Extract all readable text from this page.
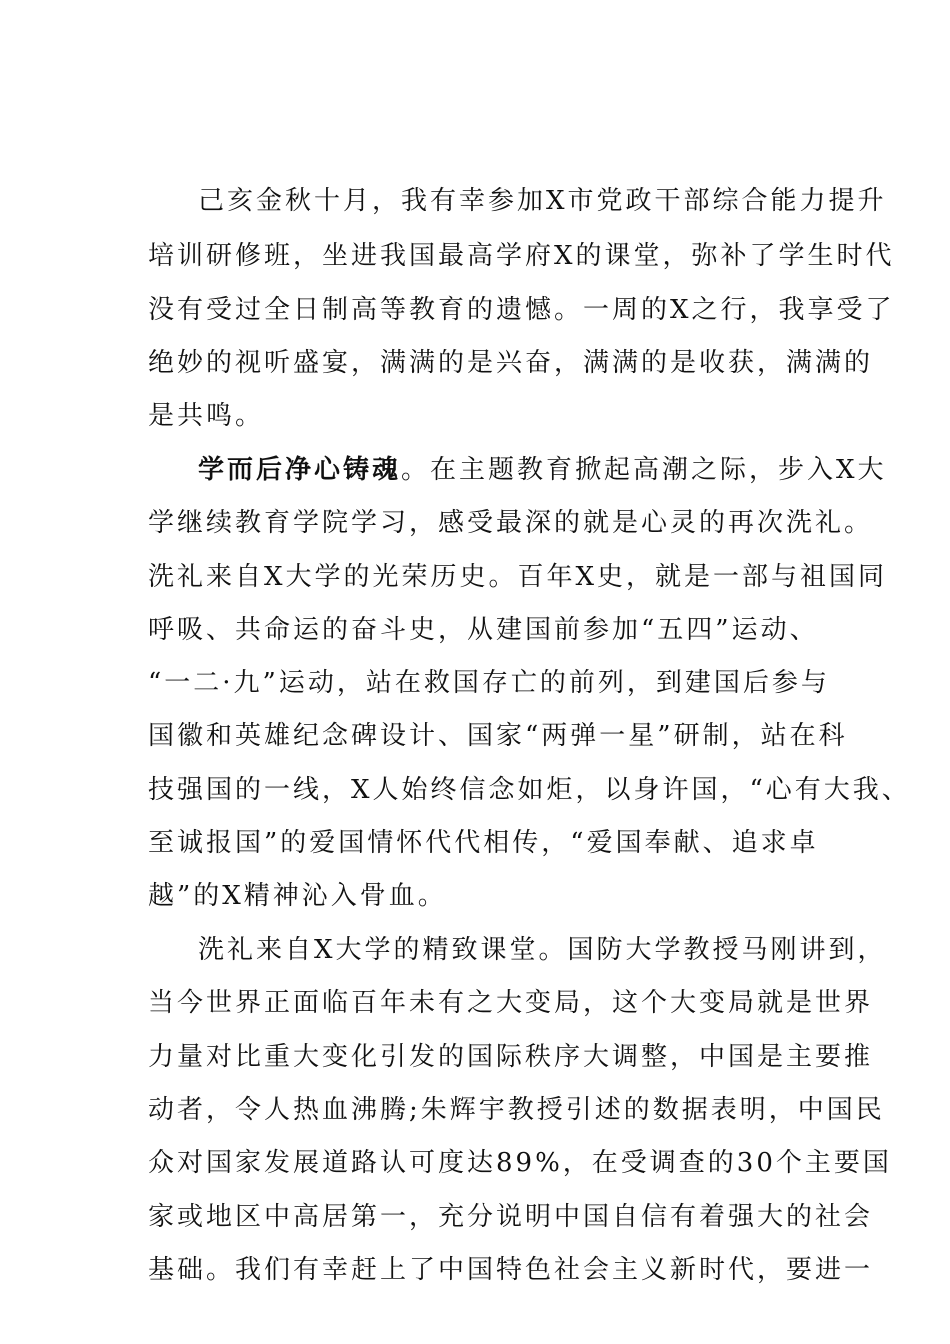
己亥金秋十月，我有幸参加X市党政干部综合能力提升
培训研修班，坐进我国最高学府X的课堂，弥补了学生时代
没有受过全日制高等教育的遗憾。一周的X之行，我享受了
绝妙的视听盛宴，满满的是兴奋，满满的是收获，满满的
是共鸣。
学而后净心铸魂。在主题教育掀起高潮之际，步入X大
学继续教育学院学习，感受最深的就是心灵的再次洗礼。
洗礼来自X大学的光荣历史。百年X史，就是一部与祖国同
呼吸、共命运的奋斗史，从建国前参加“五四”运动、
“一二·九”运动，站在救国存亡的前列，到建国后参与
国徽和英雄纪念碑设计、国家“两弹一星”研制，站在科
技强国的一线，X人始终信念如炬，以身许国，“心有大我、
至诚报国”的爱国情怀代代相传，“爱国奉献、追求卓
越”的X精神沁入骨血。
洗礼来自X大学的精致课堂。国防大学教授马刚讲到，
当今世界正面临百年未有之大变局，这个大变局就是世界
力量对比重大变化引发的国际秩序大调整，中国是主要推
动者，令人热血沸腾;朱辉宇教授引述的数据表明，中国民
众对国家发展道路认可度达89%，在受调查的30个主要国
家或地区中高居第一，充分说明中国自信有着强大的社会
基础。我们有幸赶上了中国特色社会主义新时代，要进一
